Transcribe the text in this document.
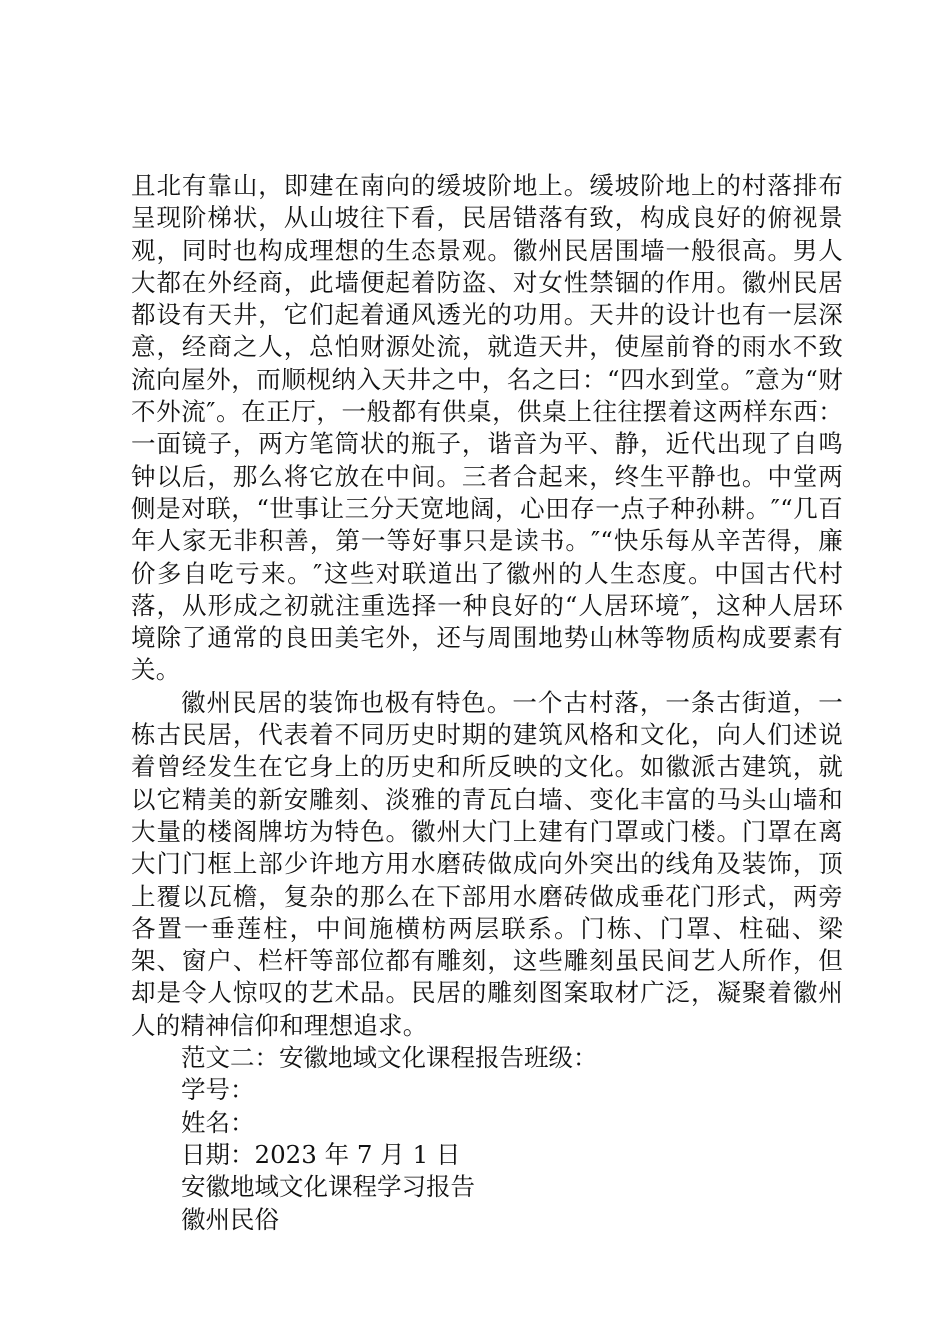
且北有靠山，即建在南向的缓坡阶地上。缓坡阶地上的村落排布呈现阶梯状，从山坡往下看，民居错落有致，构成良好的俯视景观，同时也构成理想的生态景观。徽州民居围墙一般很高。男人大都在外经商，此墙便起着防盗、对女性禁锢的作用。徽州民居都设有天井，它们起着通风透光的功用。天井的设计也有一层深意，经商之人，总怕财源处流，就造天井，使屋前脊的雨水不致流向屋外，而顺枧纳入天井之中，名之曰：“四水到堂。″意为“财不外流″。在正厅，一般都有供桌，供桌上往往摆着这两样东西：一面镜子，两方笔筒状的瓶子，谐音为平、静，近代出现了自鸣钟以后，那么将它放在中间。三者合起来，终生平静也。中堂两侧是对联，“世事让三分天宽地阔，心田存一点子种孙耕。″“几百年人家无非积善，第一等好事只是读书。″“快乐每从辛苦得，廉价多自吃亏来。″这些对联道出了徽州的人生态度。中国古代村落，从形成之初就注重选择一种良好的“人居环境″，这种人居环境除了通常的良田美宅外，还与周围地势山林等物质构成要素有关。

徽州民居的装饰也极有特色。一个古村落，一条古街道，一栋古民居，代表着不同历史时期的建筑风格和文化，向人们述说着曾经发生在它身上的历史和所反映的文化。如徽派古建筑，就以它精美的新安雕刻、淡雅的青瓦白墙、变化丰富的马头山墙和大量的楼阁牌坊为特色。徽州大门上建有门罩或门楼。门罩在离大门门框上部少许地方用水磨砖做成向外突出的线角及装饰，顶上覆以瓦檐，复杂的那么在下部用水磨砖做成垂花门形式，两旁各置一垂莲柱，中间施横枋两层联系。门栋、门罩、柱础、梁架、窗户、栏杆等部位都有雕刻，这些雕刻虽民间艺人所作，但却是令人惊叹的艺术品。民居的雕刻图案取材广泛，凝聚着徽州人的精神信仰和理想追求。

范文二：安徽地域文化课程报告班级：

学号：

姓名：

日期：2023 年 7 月 1 日

安徽地域文化课程学习报告

徽州民俗
